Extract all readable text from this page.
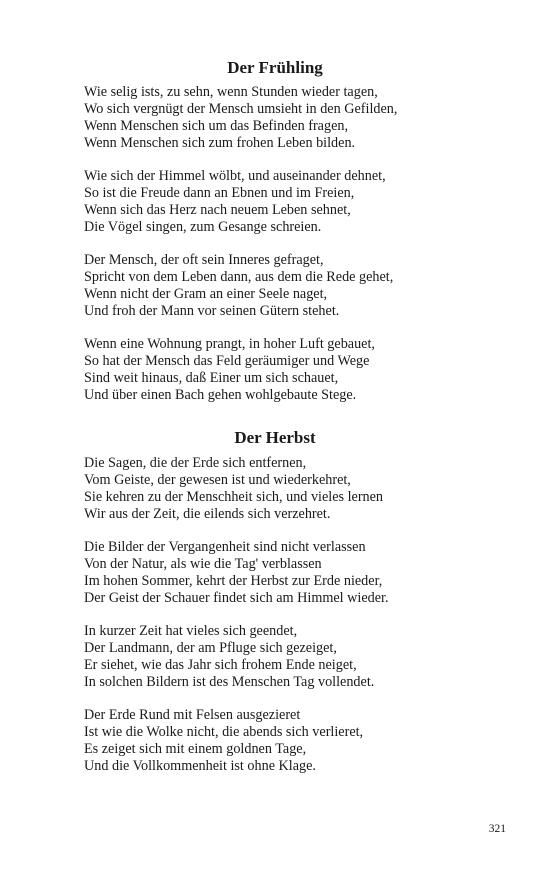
Der Frühling
Wie selig ists, zu sehn, wenn Stunden wieder tagen,
Wo sich vergnügt der Mensch umsieht in den Gefilden,
Wenn Menschen sich um das Befinden fragen,
Wenn Menschen sich zum frohen Leben bilden.
Wie sich der Himmel wölbt, und auseinander dehnet,
So ist die Freude dann an Ebnen und im Freien,
Wenn sich das Herz nach neuem Leben sehnet,
Die Vögel singen, zum Gesange schreien.
Der Mensch, der oft sein Inneres gefraget,
Spricht von dem Leben dann, aus dem die Rede gehet,
Wenn nicht der Gram an einer Seele naget,
Und froh der Mann vor seinen Gütern stehet.
Wenn eine Wohnung prangt, in hoher Luft gebauet,
So hat der Mensch das Feld geräumiger und Wege
Sind weit hinaus, daß Einer um sich schauet,
Und über einen Bach gehen wohlgebaute Stege.
Der Herbst
Die Sagen, die der Erde sich entfernen,
Vom Geiste, der gewesen ist und wiederkehret,
Sie kehren zu der Menschheit sich, und vieles lernen
Wir aus der Zeit, die eilends sich verzehret.
Die Bilder der Vergangenheit sind nicht verlassen
Von der Natur, als wie die Tag' verblassen
Im hohen Sommer, kehrt der Herbst zur Erde nieder,
Der Geist der Schauer findet sich am Himmel wieder.
In kurzer Zeit hat vieles sich geendet,
Der Landmann, der am Pfluge sich gezeiget,
Er siehet, wie das Jahr sich frohem Ende neiget,
In solchen Bildern ist des Menschen Tag vollendet.
Der Erde Rund mit Felsen ausgezieret
Ist wie die Wolke nicht, die abends sich verlieret,
Es zeiget sich mit einem goldnen Tage,
Und die Vollkommenheit ist ohne Klage.
321
